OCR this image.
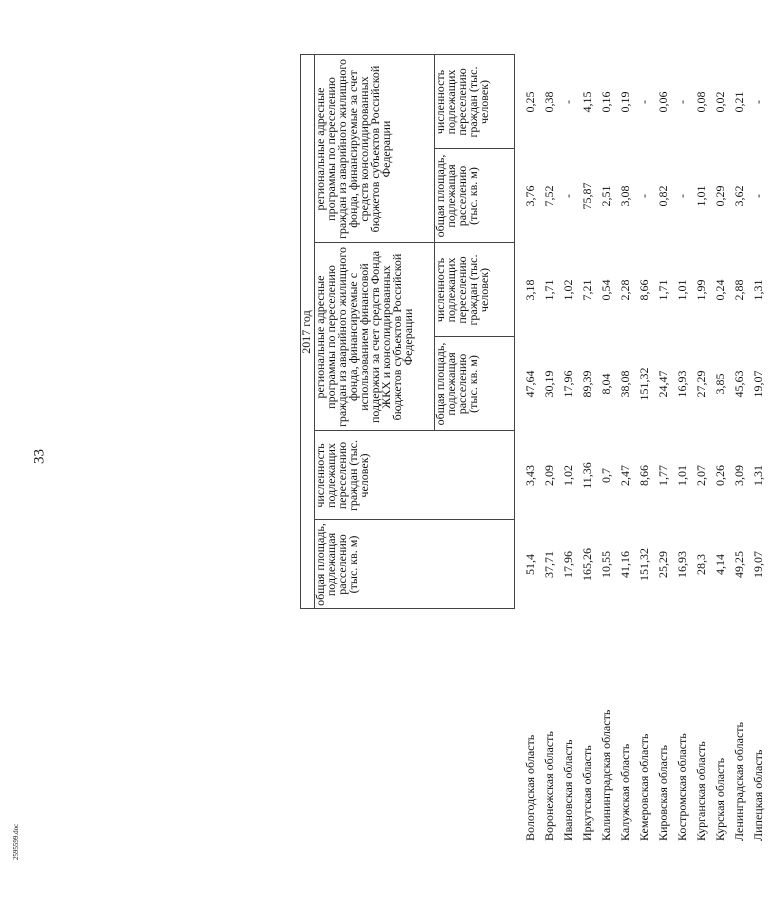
33
2595599.doc
	2017 год					
	общая площадь, подлежащая расселению (тыс. кв. м)	численность подлежащих переселению граждан (тыс. человек)	региональные адресные программы по переселению граждан из аварийного жилищного фонда, финансируемые с использованием финансовой поддержки за счет средств Фонда ЖКХ и консолидированных бюджетов субъектов Российской Федерации		региональные адресные программы по переселению граждан из аварийного жилищного фонда, финансируемые за счет средств консолидированных бюджетов субъектов Российской Федерации	
			общая площадь, подлежащая расселению (тыс. кв. м)	численность подлежащих переселению граждан (тыс. человек)	общая площадь, подлежащая расселению (тыс. кв. м)	численность подлежащих переселению граждан (тыс. человек)
Вологодская область	51,4	3,43	47,64	3,18	3,76	0,25
Воронежская область	37,71	2,09	30,19	1,71	7,52	0,38
Ивановская область	17,96	1,02	17,96	1,02	-	-
Иркутская область	165,26	11,36	89,39	7,21	75,87	4,15
Калининградская область	10,55	0,7	8,04	0,54	2,51	0,16
Калужская область	41,16	2,47	38,08	2,28	3,08	0,19
Кемеровская область	151,32	8,66	151,32	8,66	-	-
Кировская область	25,29	1,77	24,47	1,71	0,82	0,06
Костромская область	16,93	1,01	16,93	1,01	-	-
Курганская область	28,3	2,07	27,29	1,99	1,01	0,08
Курская область	4,14	0,26	3,85	0,24	0,29	0,02
Ленинградская область	49,25	3,09	45,63	2,88	3,62	0,21
Липецкая область	19,07	1,31	19,07	1,31	-	-
